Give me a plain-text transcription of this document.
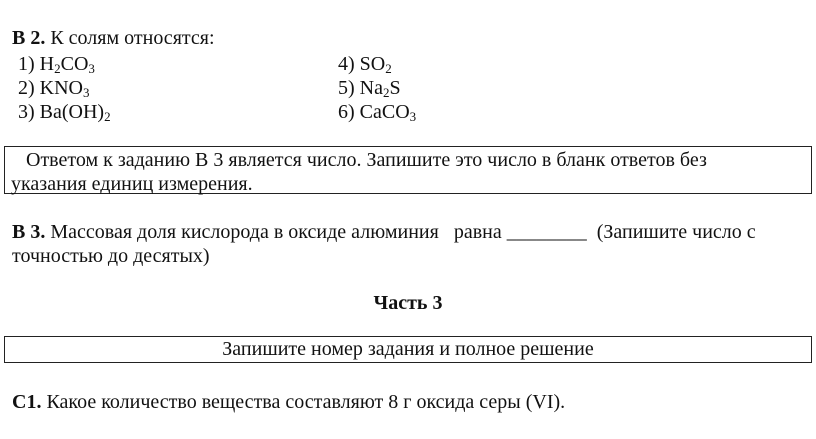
В 2. К солям относятся:
1) $H_2CO_3$
2) $KNO_3$
3) $Ba(OH)_2$
4) $SO_2$
5) $Na_2S$
6) CaCO$_3$
Ответом к заданию В 3 является число. Запишите это число в бланк ответов без
указания единиц измерения.
В 3. Массовая доля кислорода в оксиде алюминия   равна ________  (Запишите число с
точностью до десятых)
Часть 3
Запишите номер задания и полное решение
С1. Какое количество вещества составляют 8 г оксида серы (VI).
